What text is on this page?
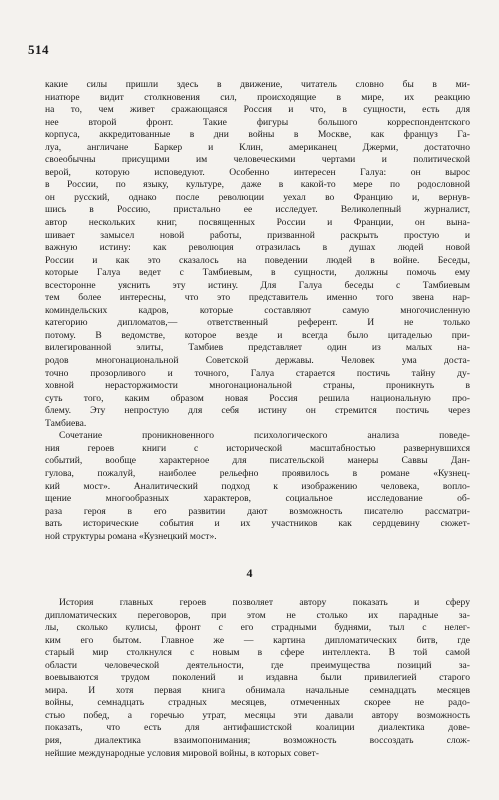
514

какие силы пришли здесь в движение, читатель словно бы в ми-
ниатюре видит столкновения сил, происходящие в мире, их реакцию
на то, чем живет сражающаяся Россия и что, в сущности, есть для
нее второй фронт. Такие фигуры большого корреспондентского
корпуса, аккредитованные в дни войны в Москве, как француз Га-
луа, англичане Баркер и Клин, американец Джерми, достаточно
своеобычны присущими им человеческими чертами и политической
верой, которую исповедуют. Особенно интересен Галуа: он выроc
в России, по языку, культуре, даже в какой-то мере по родословной
он русский, однако после революции уехал во Францию и, вернув-
шись в Россию, пристально ее исследует. Великолепный журналист,
автор нескольких книг, посвященных России и Франции, он вына-
шивает замысел новой работы, призванной раскрыть простую и
важную истину: как революция отразилась в душах людей новой
России и как это сказалось на поведении людей в войне. Беседы,
которые Галуа ведет с Тамбиевым, в сущности, должны помочь ему
всесторонне уяснить эту истину. Для Галуа беседы с Тамбиевым
тем более интересны, что это представитель именно того звена нар-
коминдельских кадров, которые составляют самую многочисленную
категорию дипломатов,— ответственный референт. И не только
потому. В ведомстве, которое везде и всегда было цитаделью при-
вилегированной элиты, Тамбиев представляет один из малых на-
родов многонациональной Советской державы. Человек ума доста-
точно прозорливого и точного, Галуа старается постичь тайну ду-
ховной нерасторжимости многонациональной страны, проникнуть в
суть того, каким образом новая Россия решила национальную про-
блему. Эту непростую для себя истину он стремится постичь через
Тамбиева.

Сочетание проникновенного психологического анализа поведе-
ния героев книги с исторической масштабностью развернувшихся
событий, вообще характерное для писательской манеры Саввы Дан-
гулова, пожалуй, наиболее рельефно проявилось в романе «Кузнец-
кий мост». Аналитический подход к изображению человека, вопло-
щение многообразных характеров, социальное исследование об-
раза героя в его развитии дают возможность писателю рассматри-
вать исторические события и их участников как сердцевину сюжет-
ной структуры романа «Кузнецкий мост».

4

История главных героев позволяет автору показать и сферу
дипломатических переговоров, при этом не столько их парадные за-
лы, сколько кулисы, фронт с его страдными буднями, тыл с нелег-
ким его бытом. Главное же — картина дипломатических битв, где
старый мир столкнулся с новым в сфере интеллекта. В той самой
области человеческой деятельности, где преимущества позиций за-
воевываются трудом поколений и издавна были привилегией старого
мира. И хотя первая книга обнимала начальные семнадцать месяцев
войны, семнадцать страдных месяцев, отмеченных скорее не радо-
стью побед, а горечью утрат, месяцы эти давали автору возможность
показать, что есть для антифашистской коалиции диалектика дове-
рия, диалектика взаимопонимания; возможность воссоздать слож-
нейшие международные условия мировой войны, в которых совет-
